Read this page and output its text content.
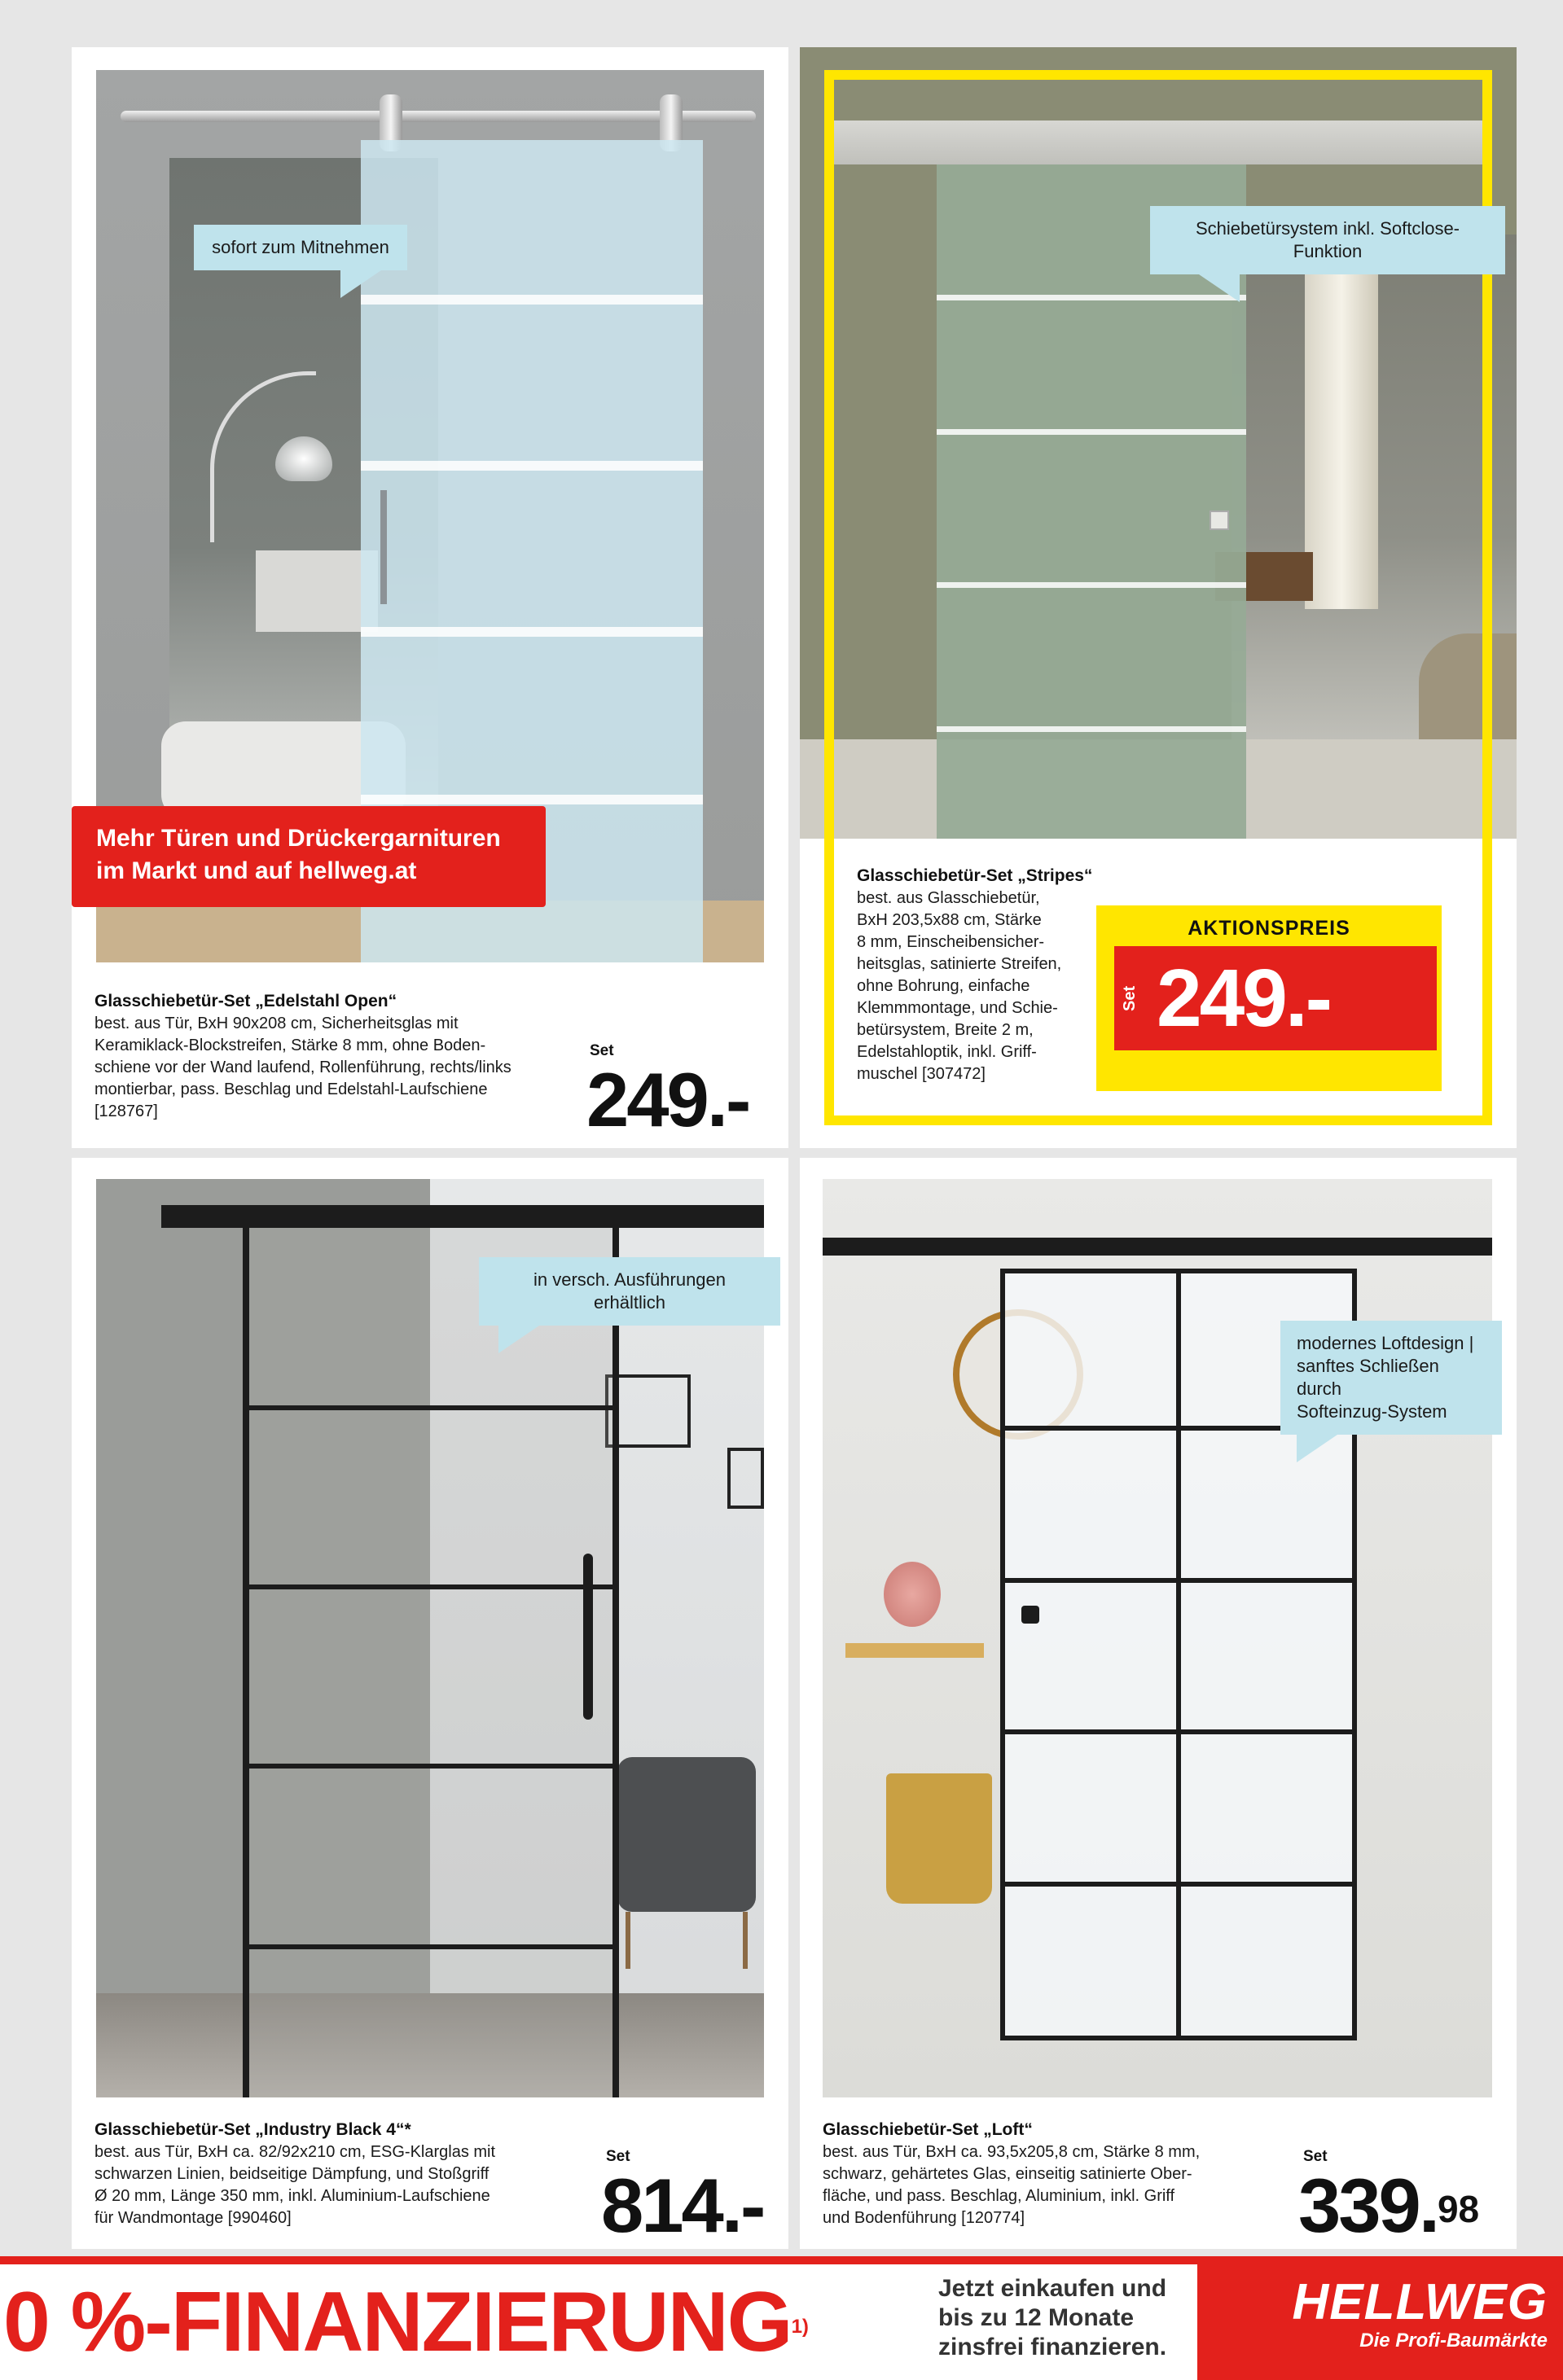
sofort zum Mitnehmen
Mehr Türen und Drückergarnituren
im Markt und auf hellweg.at
Glasschiebetür-Set „Edelstahl Open“
best. aus Tür, BxH 90x208 cm, Sicherheitsglas mit
Keramiklack-Blockstreifen, Stärke 8 mm, ohne Boden-
schiene vor der Wand laufend, Rollenführung, rechts/links
montierbar, pass. Beschlag und Edelstahl-Laufschiene
[128767]
Set
249.-
Schiebetürsystem inkl. Softclose-Funktion
Glasschiebetür-Set „Stripes“
best. aus Glasschiebetür,
BxH 203,5x88 cm, Stärke
8 mm, Einscheibensicher-
heitsglas, satinierte Streifen,
ohne Bohrung, einfache
Klemmmontage, und Schie-
betürsystem, Breite 2 m,
Edelstahloptik, inkl. Griff-
muschel [307472]
AKTIONSPREIS
Set 249.-
in versch. Ausführungen erhältlich
Glasschiebetür-Set „Industry Black 4“*
best. aus Tür, BxH ca. 82/92x210 cm, ESG-Klarglas mit
schwarzen Linien, beidseitige Dämpfung, und Stoßgriff
Ø 20 mm, Länge 350 mm, inkl. Aluminium-Laufschiene
für Wandmontage [990460]
Set
814.-
modernes Loftdesign |
sanftes Schließen durch
Softeinzug-System
Glasschiebetür-Set „Loft“
best. aus Tür, BxH ca. 93,5x205,8 cm, Stärke 8 mm,
schwarz, gehärtetes Glas, einseitig satinierte Ober-
fläche, und pass. Beschlag, Aluminium, inkl. Griff
und Bodenführung [120774]
Set
339.98
0 %-FINANZIERUNG$^{1)}$
Jetzt einkaufen und
bis zu 12 Monate
zinsfrei finanzieren.
HELLWEG
Die Profi-Baumärkte
